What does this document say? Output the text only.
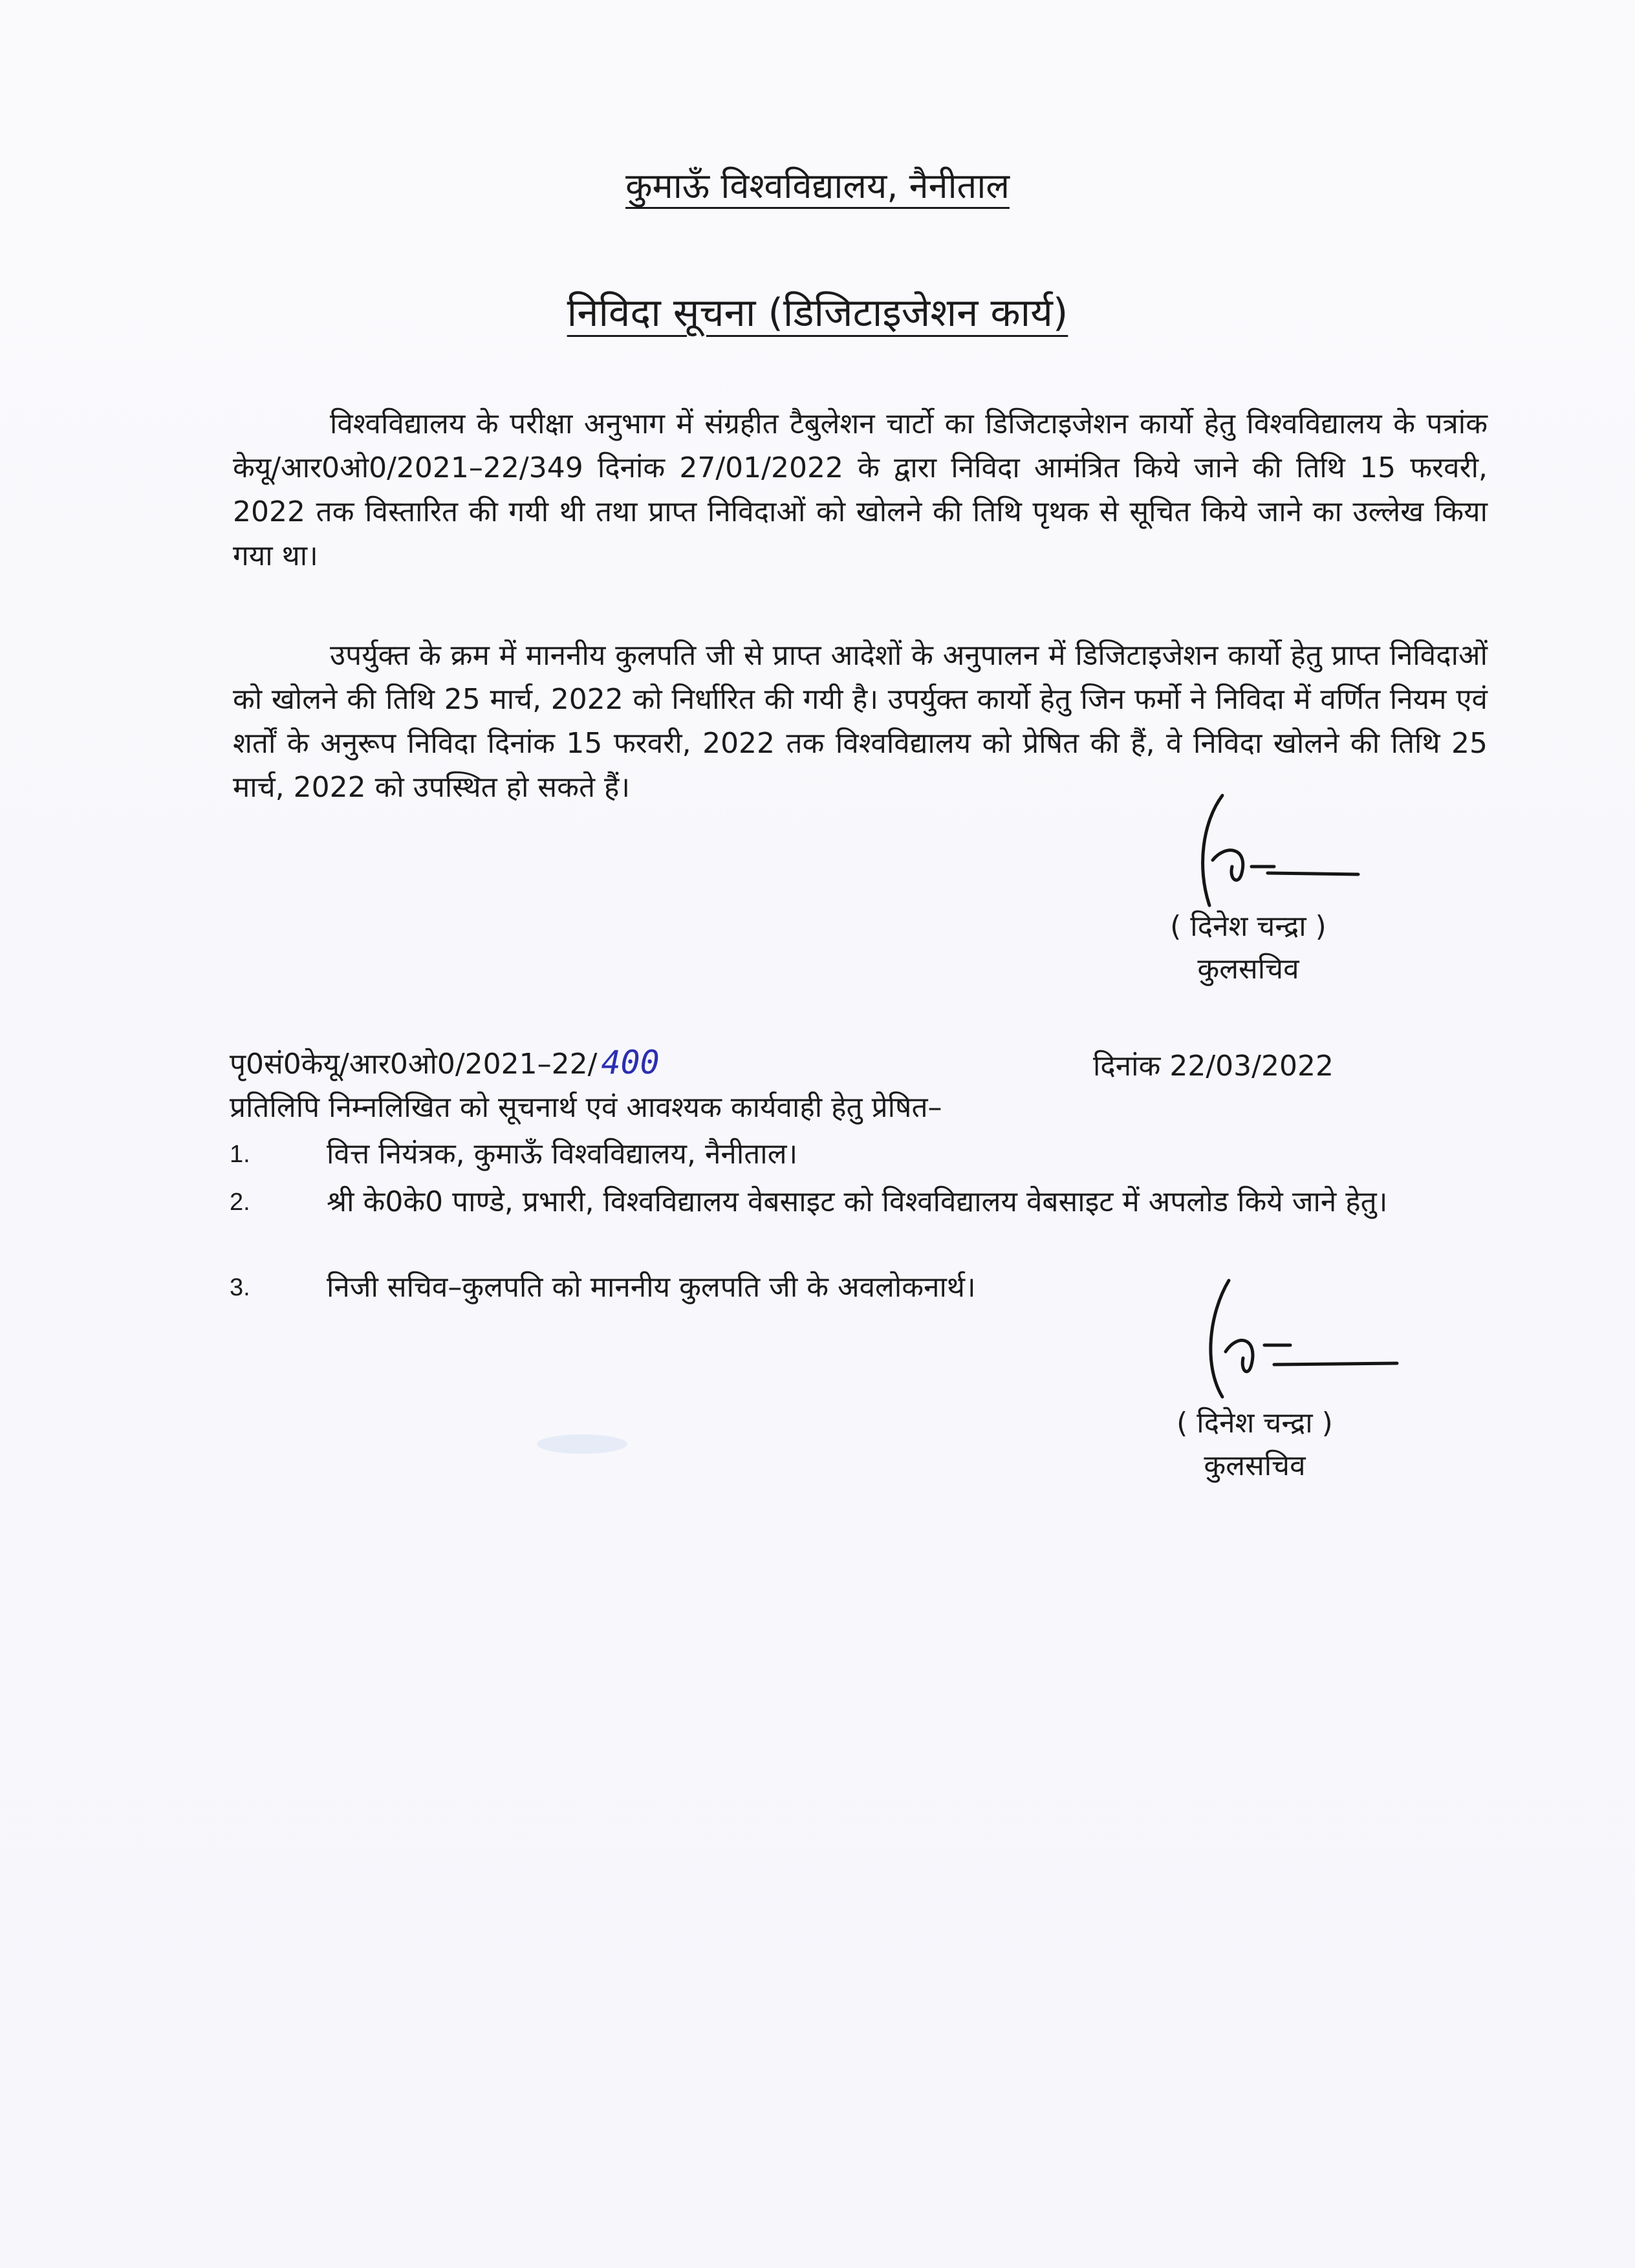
कुमाऊँ विश्वविद्यालय, नैनीताल
निविदा सूचना (डिजिटाइजेशन कार्य)
विश्वविद्यालय के परीक्षा अनुभाग में संग्रहीत टैबुलेशन चार्टो का डिजिटाइजेशन कार्यो हेतु विश्वविद्यालय के पत्रांक केयू/आर0ओ0/2021–22/349 दिनांक 27/01/2022 के द्वारा निविदा आमंत्रित किये जाने की तिथि 15 फरवरी, 2022 तक विस्तारित की गयी थी तथा प्राप्त निविदाओं को खोलने की तिथि पृथक से सूचित किये जाने का उल्लेख किया गया था।
उपर्युक्त के क्रम में माननीय कुलपति जी से प्राप्त आदेशों के अनुपालन में डिजिटाइजेशन कार्यो हेतु प्राप्त निविदाओं को खोलने की तिथि 25 मार्च, 2022 को निर्धारित की गयी है। उपर्युक्त कार्यो हेतु जिन फर्मो ने निविदा में वर्णित नियम एवं शर्तों के अनुरूप निविदा दिनांक 15 फरवरी, 2022 तक विश्वविद्यालय को प्रेषित की हैं, वे निविदा खोलने की तिथि 25 मार्च, 2022 को उपस्थित हो सकते हैं।
( दिनेश चन्द्रा )
कुलसचिव
पृ0सं0केयू/आर0ओ0/2021–22/ 400	दिनांक 22/03/2022
प्रतिलिपि निम्नलिखित को सूचनार्थ एवं आवश्यक कार्यवाही हेतु प्रेषित–
1.	वित्त नियंत्रक, कुमाऊँ विश्वविद्यालय, नैनीताल।
2.	श्री के0के0 पाण्डे, प्रभारी, विश्वविद्यालय वेबसाइट को विश्वविद्यालय वेबसाइट में अपलोड किये जाने हेतु।
3.	निजी सचिव–कुलपति को माननीय कुलपति जी के अवलोकनार्थ।
( दिनेश चन्द्रा )
कुलसचिव
